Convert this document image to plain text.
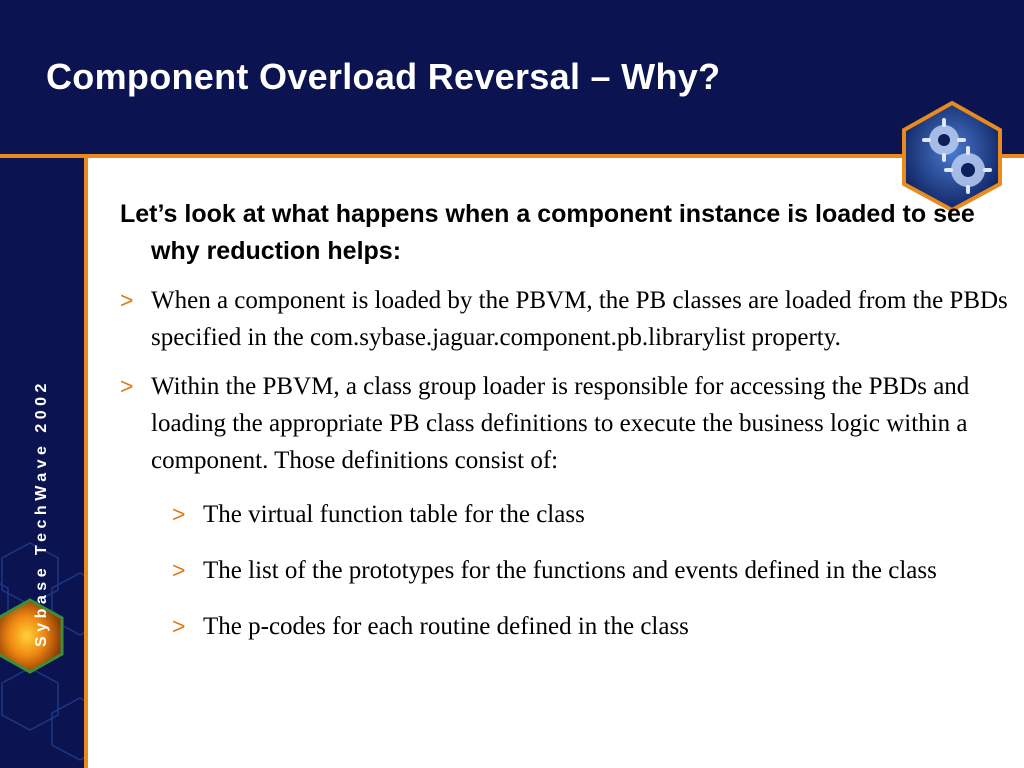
Component Overload Reversal – Why?
Sybase TechWave 2002

Let’s look at what happens when a component instance is loaded to see why reduction helps:

> When a component is loaded by the PBVM, the PB classes are loaded from the PBDs specified in the com.sybase.jaguar.component.pb.librarylist property.
> Within the PBVM, a class group loader is responsible for accessing the PBDs and loading the appropriate PB class definitions to execute the business logic within a component. Those definitions consist of:
> The virtual function table for the class
> The list of the prototypes for the functions and events defined in the class
> The p-codes for each routine defined in the class
